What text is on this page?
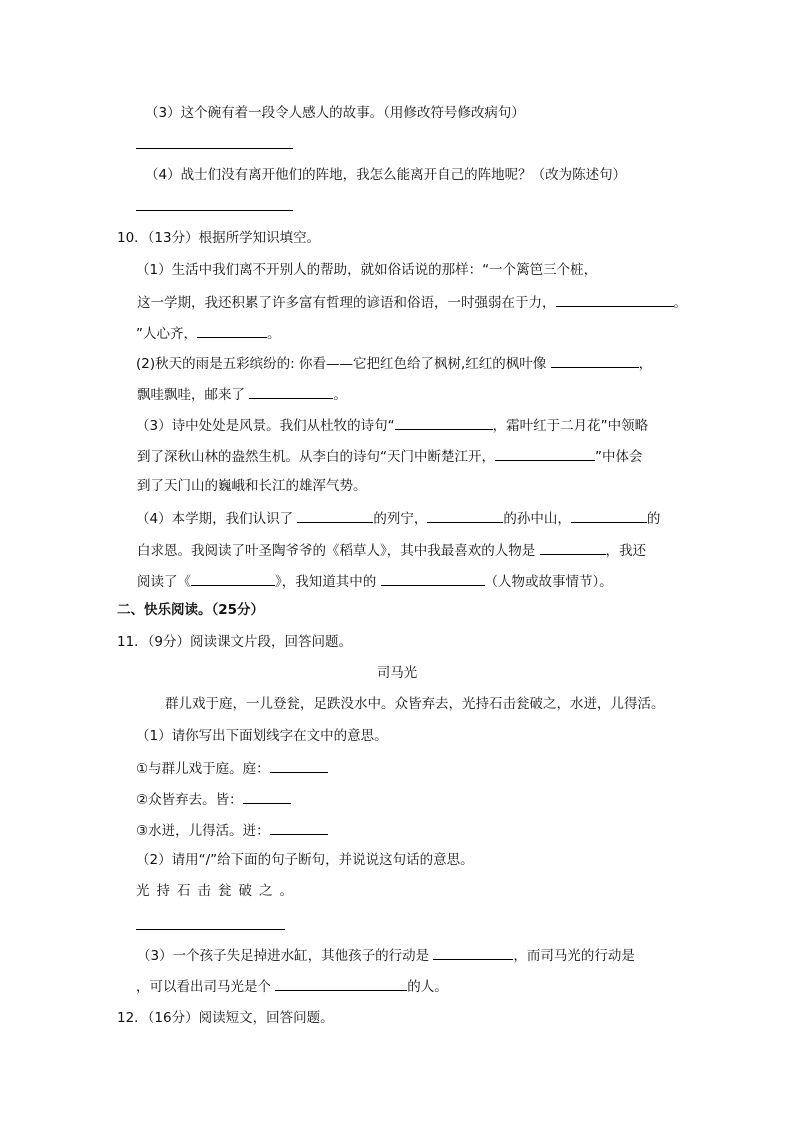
（3）这个碗有着一段令人感人的故事。（用修改符号修改病句）
（4）战士们没有离开他们的阵地，我怎么能离开自己的阵地呢？（改为陈述句）
10．（13分）根据所学知识填空。
（1）生活中我们离不开别人的帮助，就如俗话说的那样：“一个篱笆三个桩，
这一学期，我还积累了许多富有哲理的谚语和俗语，一时强弱在于力，	。
”人心齐，	。
(2)秋天的雨是五彩缤纷的: 你看——它把红色给了枫树,红红的枫叶像	，
飘哇飘哇，邮来了	。
（3）诗中处处是风景。我们从杜牧的诗句“	，霜叶红于二月花”中领略
到了深秋山林的盎然生机。从李白的诗句“天门中断楚江开，	”中体会
到了天门山的巍峨和长江的雄浑气势。
（4）本学期，我们认识了	的列宁，	的孙中山，	的
白求恩。我阅读了叶圣陶爷爷的《稻草人》，其中我最喜欢的人物是	，我还
阅读了《	》，我知道其中的	（人物或故事情节）。
二、快乐阅读。（25分）
11．（9分）阅读课文片段，回答问题。
司马光
群儿戏于庭，一儿登瓮，足跌没水中。众皆弃去，光持石击瓮破之，水迸，儿得活。
（1）请你写出下面划线字在文中的意思。
①与群儿戏于庭。庭：
②众皆弃去。皆：
③水迸，儿得活。迸：
（2）请用“/”给下面的句子断句，并说说这句话的意思。
光 持 石 击 瓮 破 之 。
（3）一个孩子失足掉进水缸，其他孩子的行动是	，而司马光的行动是
，可以看出司马光是个	的人。
12．（16分）阅读短文，回答问题。
